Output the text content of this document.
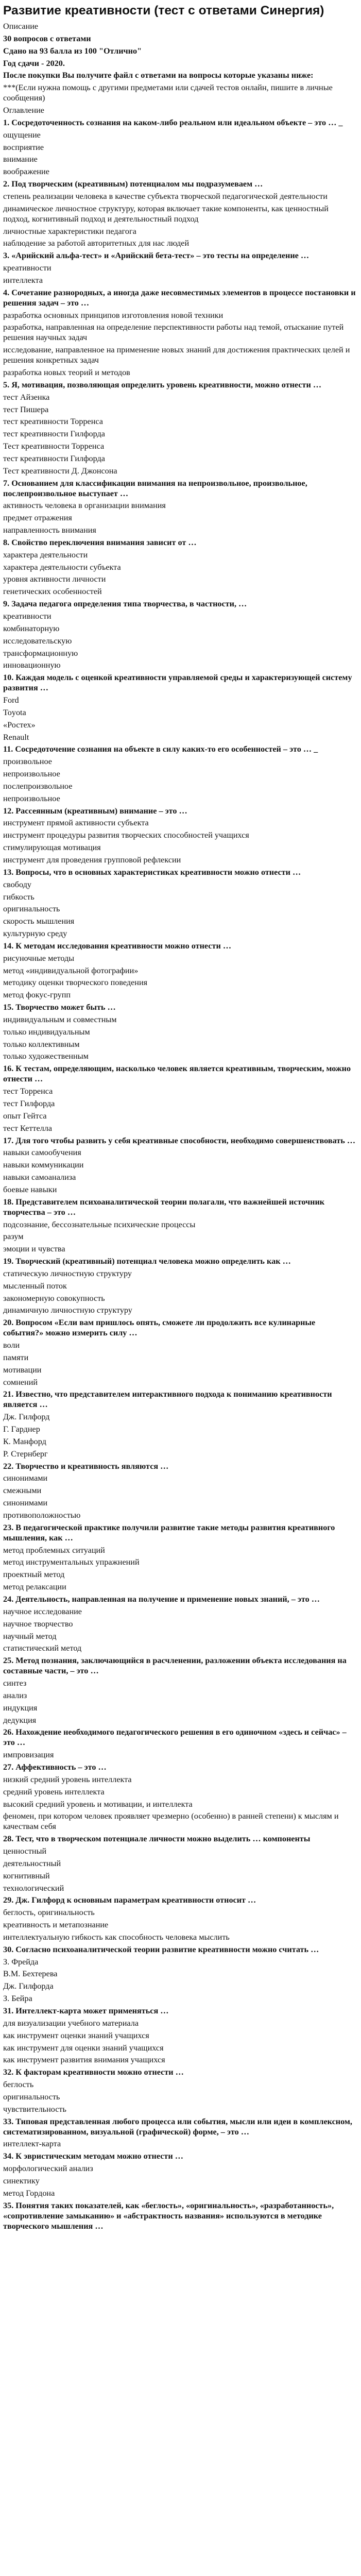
Развитие креативности (тест с ответами Синергия)
Описание
30 вопросов с ответами
Сдано на 93 балла из 100 "Отлично"
Год сдачи - 2020.
После покупки Вы получите файл с ответами на вопросы которые указаны ниже:
***(Если нужна помощь с другими предметами или сдачей тестов онлайн, пишите в личные сообщения)
Оглавление
1. Сосредоточенность сознания на каком-либо реальном или идеальном объекте – это … _
ощущение
восприятие
внимание
воображение
2. Под творческим (креативным) потенциалом мы подразумеваем …
степень реализации человека в качестве субъекта творческой педагогической деятельности
динамическое личностное структуру, которая включает такие компоненты, как ценностный подход, когнитивный подход и деятельностный подход
личностные характеристики педагога
наблюдение за работой авторитетных для нас людей
3. «Арийский альфа-тест» и «Арийский бета-тест» – это тесты на определение …
креативности
интеллекта
4. Сочетание разнородных, а иногда даже несовместимых элементов в процессе постановки и решения задач – это …
разработка основных принципов изготовления новой техники
разработка, направленная на определение перспективности работы над темой, отыскание путей решения научных задач
исследование, направленное на применение новых знаний для достижения практических целей и решения конкретных задач
разработка новых теорий и методов
5. Я, мотивация, позволяющая определить уровень креативности, можно отнести …
тест Айзенка
тест Пишера
тест креативности Торренса
тест креативности Гилфорда
Тест креативности Торренса
тест креативности Гилфорда
Тест креативности Д. Джонсона
7. Основанием для классификации внимания на непроизвольное, произвольное, послепроизвольное выступает …
активность человека в организации внимания
предмет отражения
направленность внимания
8. Свойство переключения внимания зависит от …
характера деятельности
характера деятельности субъекта
уровня активности личности
генетических особенностей
9. Задача педагога определения типа творчества, в частности, …
креативности
комбинаторную
исследовательскую
трансформационную
инновационную
10. Каждая модель с оценкой креативности управляемой среды и характеризующей систему развития …
Ford
Toyota
«Ростех»
Renault
11. Сосредоточение сознания на объекте в силу каких-то его особенностей – это … _
произвольное
непроизвольное
послепроизвольное
непроизвольное
12. Рассеянным (креативным) внимание – это …
инструмент прямой активности субъекта
инструмент процедуры развития творческих способностей учащихся
стимулирующая мотивация
инструмент для проведения групповой рефлексии
13. Вопросы, что в основных характеристиках креативности можно отнести …
свободу
гибкость
оригинальность
скорость мышления
культурную среду
14. К методам исследования креативности можно отнести …
рисуночные методы
метод «индивидуальной фотографии»
методику оценки творческого поведения
метод фокус-групп
15. Творчество может быть …
индивидуальным и совместным
только индивидуальным
только коллективным
только художественным
16. К тестам, определяющим, насколько человек является креативным, творческим, можно отнести …
тест Торренса
тест Гилфорда
опыт Гейтса
тест Кеттелла
17. Для того чтобы развить у себя креативные способности, необходимо совершенствовать …
навыки самообучения
навыки коммуникации
навыки самоанализа
боевые навыки
18. Представителем психоаналитической теории полагали, что важнейшей источник творчества – это …
подсознание, бессознательные психические процессы
разум
эмоции и чувства
19. Творческий (креативный) потенциал человека можно определить как …
статическую личностную структуру
мысленный поток
закономерную совокупность
динамичную личностную структуру
20. Вопросом «Если вам пришлось опять, сможете ли продолжить все кулинарные события?» можно измерить силу …
воли
памяти
мотивации
сомнений
21. Известно, что представителем интерактивного подхода к пониманию креативности является …
Дж. Гилфорд
Г. Гарднер
К. Манфорд
Р. Стернберг
22. Творчество и креативность являются …
синонимами
смежными
синонимами
противоположностью
23. В педагогической практике получили развитие такие методы развития креативного мышления, как …
метод проблемных ситуаций
метод инструментальных упражнений
проектный метод
метод релаксации
24. Деятельность, направленная на получение и применение новых знаний, – это …
научное исследование
научное творчество
научный метод
статистический метод
25. Метод познания, заключающийся в расчленении, разложении объекта исследования на составные части, – это …
синтез
анализ
индукция
дедукция
26. Нахождение необходимого педагогического решения в его одиночном «здесь и сейчас» – это …
импровизация
27. Аффективность – это …
низкий средний уровень интеллекта
средний уровень интеллекта
высокий средний уровень и мотивации, и интеллекта
феномен, при котором человек проявляет чрезмерно (особенно) в ранней степени) к мыслям и качествам себя
28. Тест, что в творческом потенциале личности можно выделить … компоненты
ценностный
деятельностный
когнитивный
технологический
29. Дж. Гилфорд к основным параметрам креативности относит …
беглость, оригинальность
креативность и метапознание
интеллектуальную гибкость как способность человека мыслить
30. Согласно психоаналитической теории развитие креативности можно считать …
З. Фрейда
В.М. Бехтерева
Дж. Гилфорда
З. Бейра
31. Интеллект-карта может применяться …
для визуализации учебного материала
как инструмент оценки знаний учащихся
как инструмент для оценки знаний учащихся
как инструмент развития внимания учащихся
32. К факторам креативности можно отнести …
беглость
оригинальность
чувствительность
33. Типовая представленная любого процесса или события, мысли или идеи в комплексном, систематизированном, визуальной (графической) форме, – это …
интеллект-карта
34. К эвристическим методам можно отнести …
морфологический анализ
синектику
метод Гордона
35. Понятия таких показателей, как «беглость», «оригинальность», «разработанность», «сопротивление замыканию» и «абстрактность названия» используются в методике творческого мышления …
